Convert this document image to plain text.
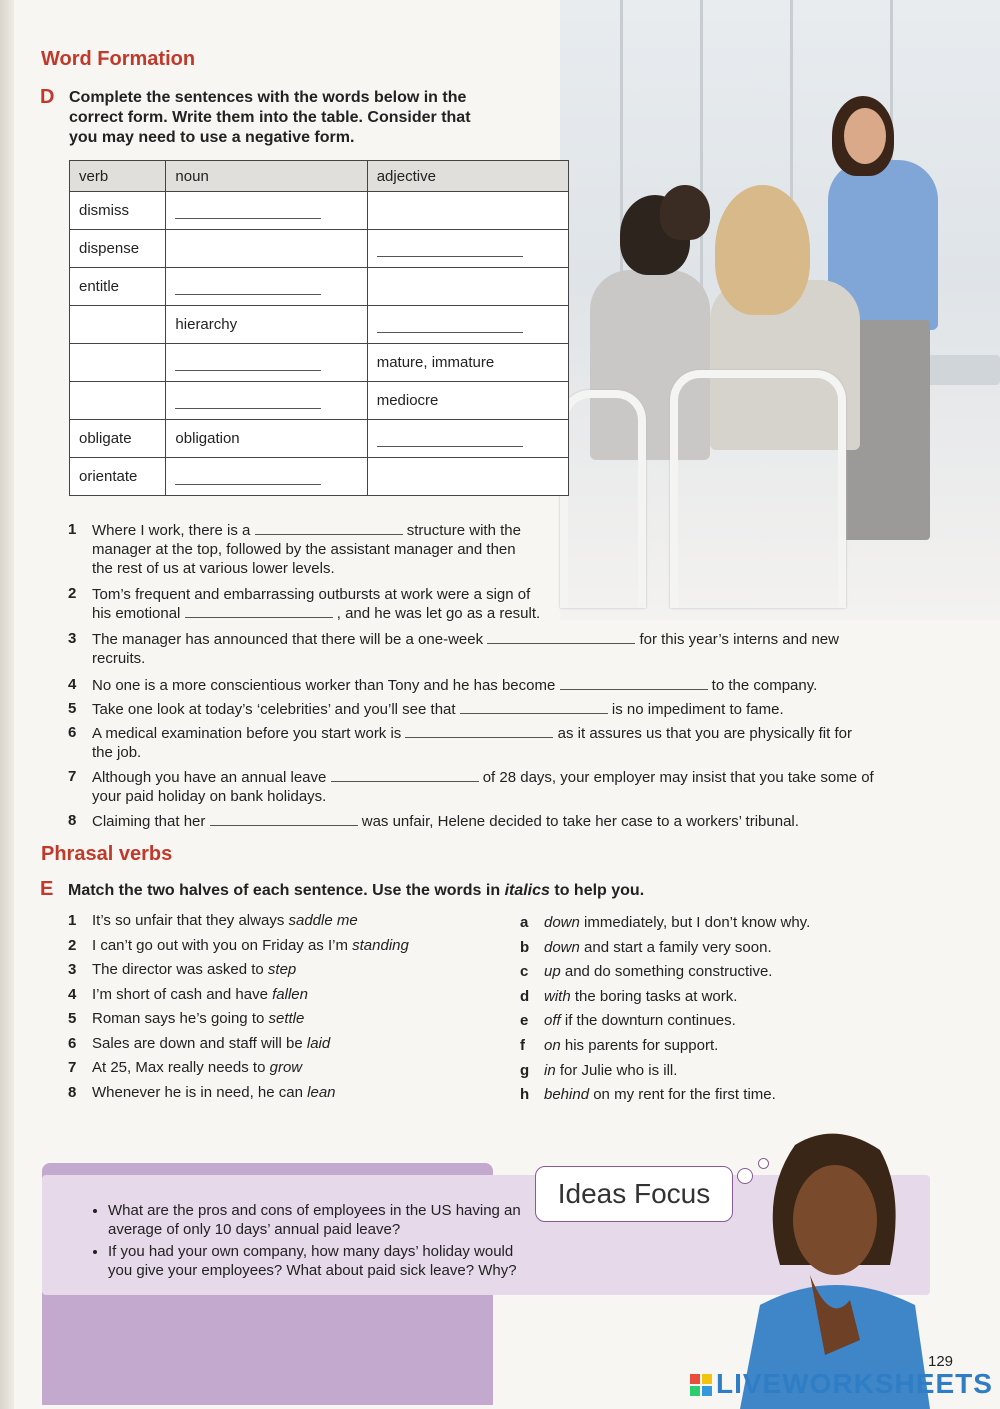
Word Formation
D Complete the sentences with the words below in the
correct form. Write them into the table. Consider that
you may need to use a negative form.
verb	noun	adjective
dismiss		
dispense		
entitle		
	hierarchy	
		mature, immature
		mediocre
obligate	obligation	
orientate		
1 Where I work, there is a	structure with the
manager at the top, followed by the assistant manager and then
the rest of us at various lower levels.
2 Tom’s frequent and embarrassing outbursts at work were a sign of
his emotional	, and he was let go as a result.
3 The manager has announced that there will be a one-week	for this year’s interns and new
recruits.
4 No one is a more conscientious worker than Tony and he has become	to the company.
5 Take one look at today’s ‘celebrities’ and you’ll see that	is no impediment to fame.
6 A medical examination before you start work is	as it assures us that you are physically fit for
the job.
7 Although you have an annual leave	of 28 days, your employer may insist that you take some of
your paid holiday on bank holidays.
8 Claiming that her	was unfair, Helene decided to take her case to a workers’ tribunal.
Phrasal verbs
E Match the two halves of each sentence. Use the words in italics to help you.
1 It’s so unfair that they always saddle me
2 I can’t go out with you on Friday as I’m standing
3 The director was asked to step
4 I’m short of cash and have fallen
5 Roman says he’s going to settle
6 Sales are down and staff will be laid
7 At 25, Max really needs to grow
8 Whenever he is in need, he can lean
a down immediately, but I don’t know why.
b down and start a family very soon.
c up and do something constructive.
d with the boring tasks at work.
e off if the downturn continues.
f on his parents for support.
g in for Julie who is ill.
h behind on my rent for the first time.
• What are the pros and cons of employees in the US having an average of only 10 days’ annual paid leave?
• If you had your own company, how many days’ holiday would you give your employees? What about paid sick leave? Why?
Ideas Focus
129
LIVEWORKSHEETS
